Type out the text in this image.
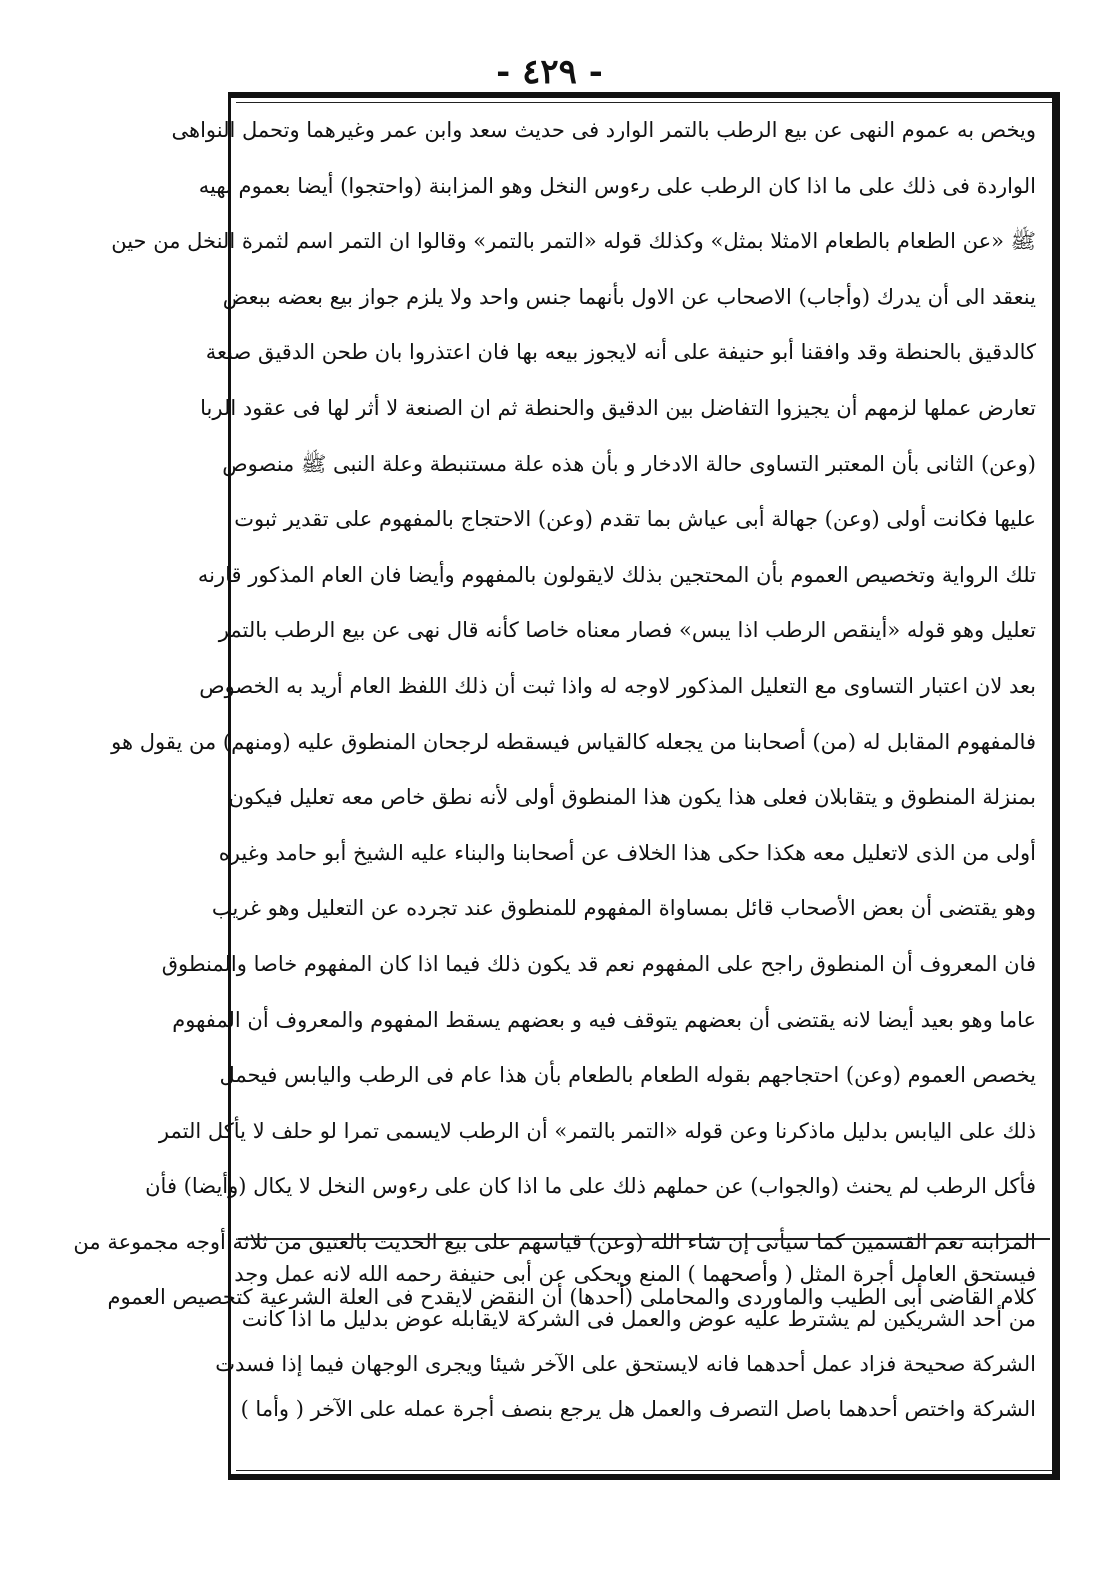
- ٤٢٩ -
ويخص به عموم النهى عن بيع الرطب بالتمر الوارد فى حديث سعد وابن عمر وغيرهما وتحمل النواهى
الواردة فى ذلك على ما اذا كان الرطب على رءوس النخل وهو المزابنة (واحتجوا) أيضا بعموم نهيه
ﷺ «عن الطعام بالطعام الامثلا بمثل» وكذلك قوله «التمر بالتمر» وقالوا ان التمر اسم لثمرة النخل من حين
ينعقد الى أن يدرك (وأجاب) الاصحاب عن الاول بأنهما جنس واحد ولا يلزم جواز بيع بعضه ببعض
كالدقيق بالحنطة وقد وافقنا أبو حنيفة على أنه لايجوز بيعه بها فان اعتذروا بان طحن الدقيق صنعة
تعارض عملها لزمهم أن يجيزوا التفاضل بين الدقيق والحنطة ثم ان الصنعة لا أثر لها فى عقود الربا
(وعن) الثانى بأن المعتبر التساوى حالة الادخار و بأن هذه علة مستنبطة وعلة النبى ﷺ منصوص
عليها فكانت أولى (وعن) جهالة أبى عياش بما تقدم (وعن) الاحتجاج بالمفهوم على تقدير ثبوت
تلك الرواية وتخصيص العموم بأن المحتجين بذلك لايقولون بالمفهوم وأيضا فان العام المذكور قارنه
تعليل وهو قوله «أينقص الرطب اذا يبس» فصار معناه خاصا كأنه قال نهى عن بيع الرطب بالتمر
بعد لان اعتبار التساوى مع التعليل المذكور لاوجه له واذا ثبت أن ذلك اللفظ العام أريد به الخصوص
فالمفهوم المقابل له (من) أصحابنا من يجعله كالقياس فيسقطه لرجحان المنطوق عليه (ومنهم) من يقول هو
بمنزلة المنطوق و يتقابلان فعلى هذا يكون هذا المنطوق أولى لأنه نطق خاص معه تعليل فيكون
أولى من الذى لاتعليل معه هكذا حكى هذا الخلاف عن أصحابنا والبناء عليه الشيخ أبو حامد وغيره
وهو يقتضى أن بعض الأصحاب قائل بمساواة المفهوم للمنطوق عند تجرده عن التعليل وهو غريب
فان المعروف أن المنطوق راجح على المفهوم نعم قد يكون ذلك فيما اذا كان المفهوم خاصا والمنطوق
عاما وهو بعيد أيضا لانه يقتضى أن بعضهم يتوقف فيه و بعضهم يسقط المفهوم والمعروف أن المفهوم
يخصص العموم (وعن) احتجاجهم بقوله الطعام بالطعام بأن هذا عام فى الرطب واليابس فيحمل
ذلك على اليابس بدليل ماذكرنا وعن قوله «التمر بالتمر» أن الرطب لايسمى تمرا لو حلف لا يأكل التمر
فأكل الرطب لم يحنث (والجواب) عن حملهم ذلك على ما اذا كان على رءوس النخل لا يكال (وأيضا) فأن
المزابنة تعم القسمين كما سيأتى إن شاء الله (وعن) قياسهم على بيع الحديث بالعتيق من ثلاثة أوجه مجموعة من
كلام القاضى أبى الطيب والماوردى والمحاملى (أحدها) أن النقض لايقدح فى العلة الشرعية كتخصيص العموم
فيستحق العامل أجرة المثل ( وأصحهما ) المنع ويحكى عن أبى حنيفة رحمه الله لانه عمل وجد
من أحد الشريكين لم يشترط عليه عوض والعمل فى الشركة لايقابله عوض بدليل ما اذا كانت
الشركة صحيحة فزاد عمل أحدهما فانه لايستحق على الآخر شيئا ويجرى الوجهان فيما إذا فسدت
الشركة واختص أحدهما باصل التصرف والعمل هل يرجع بنصف أجرة عمله على الآخر ( وأما )
